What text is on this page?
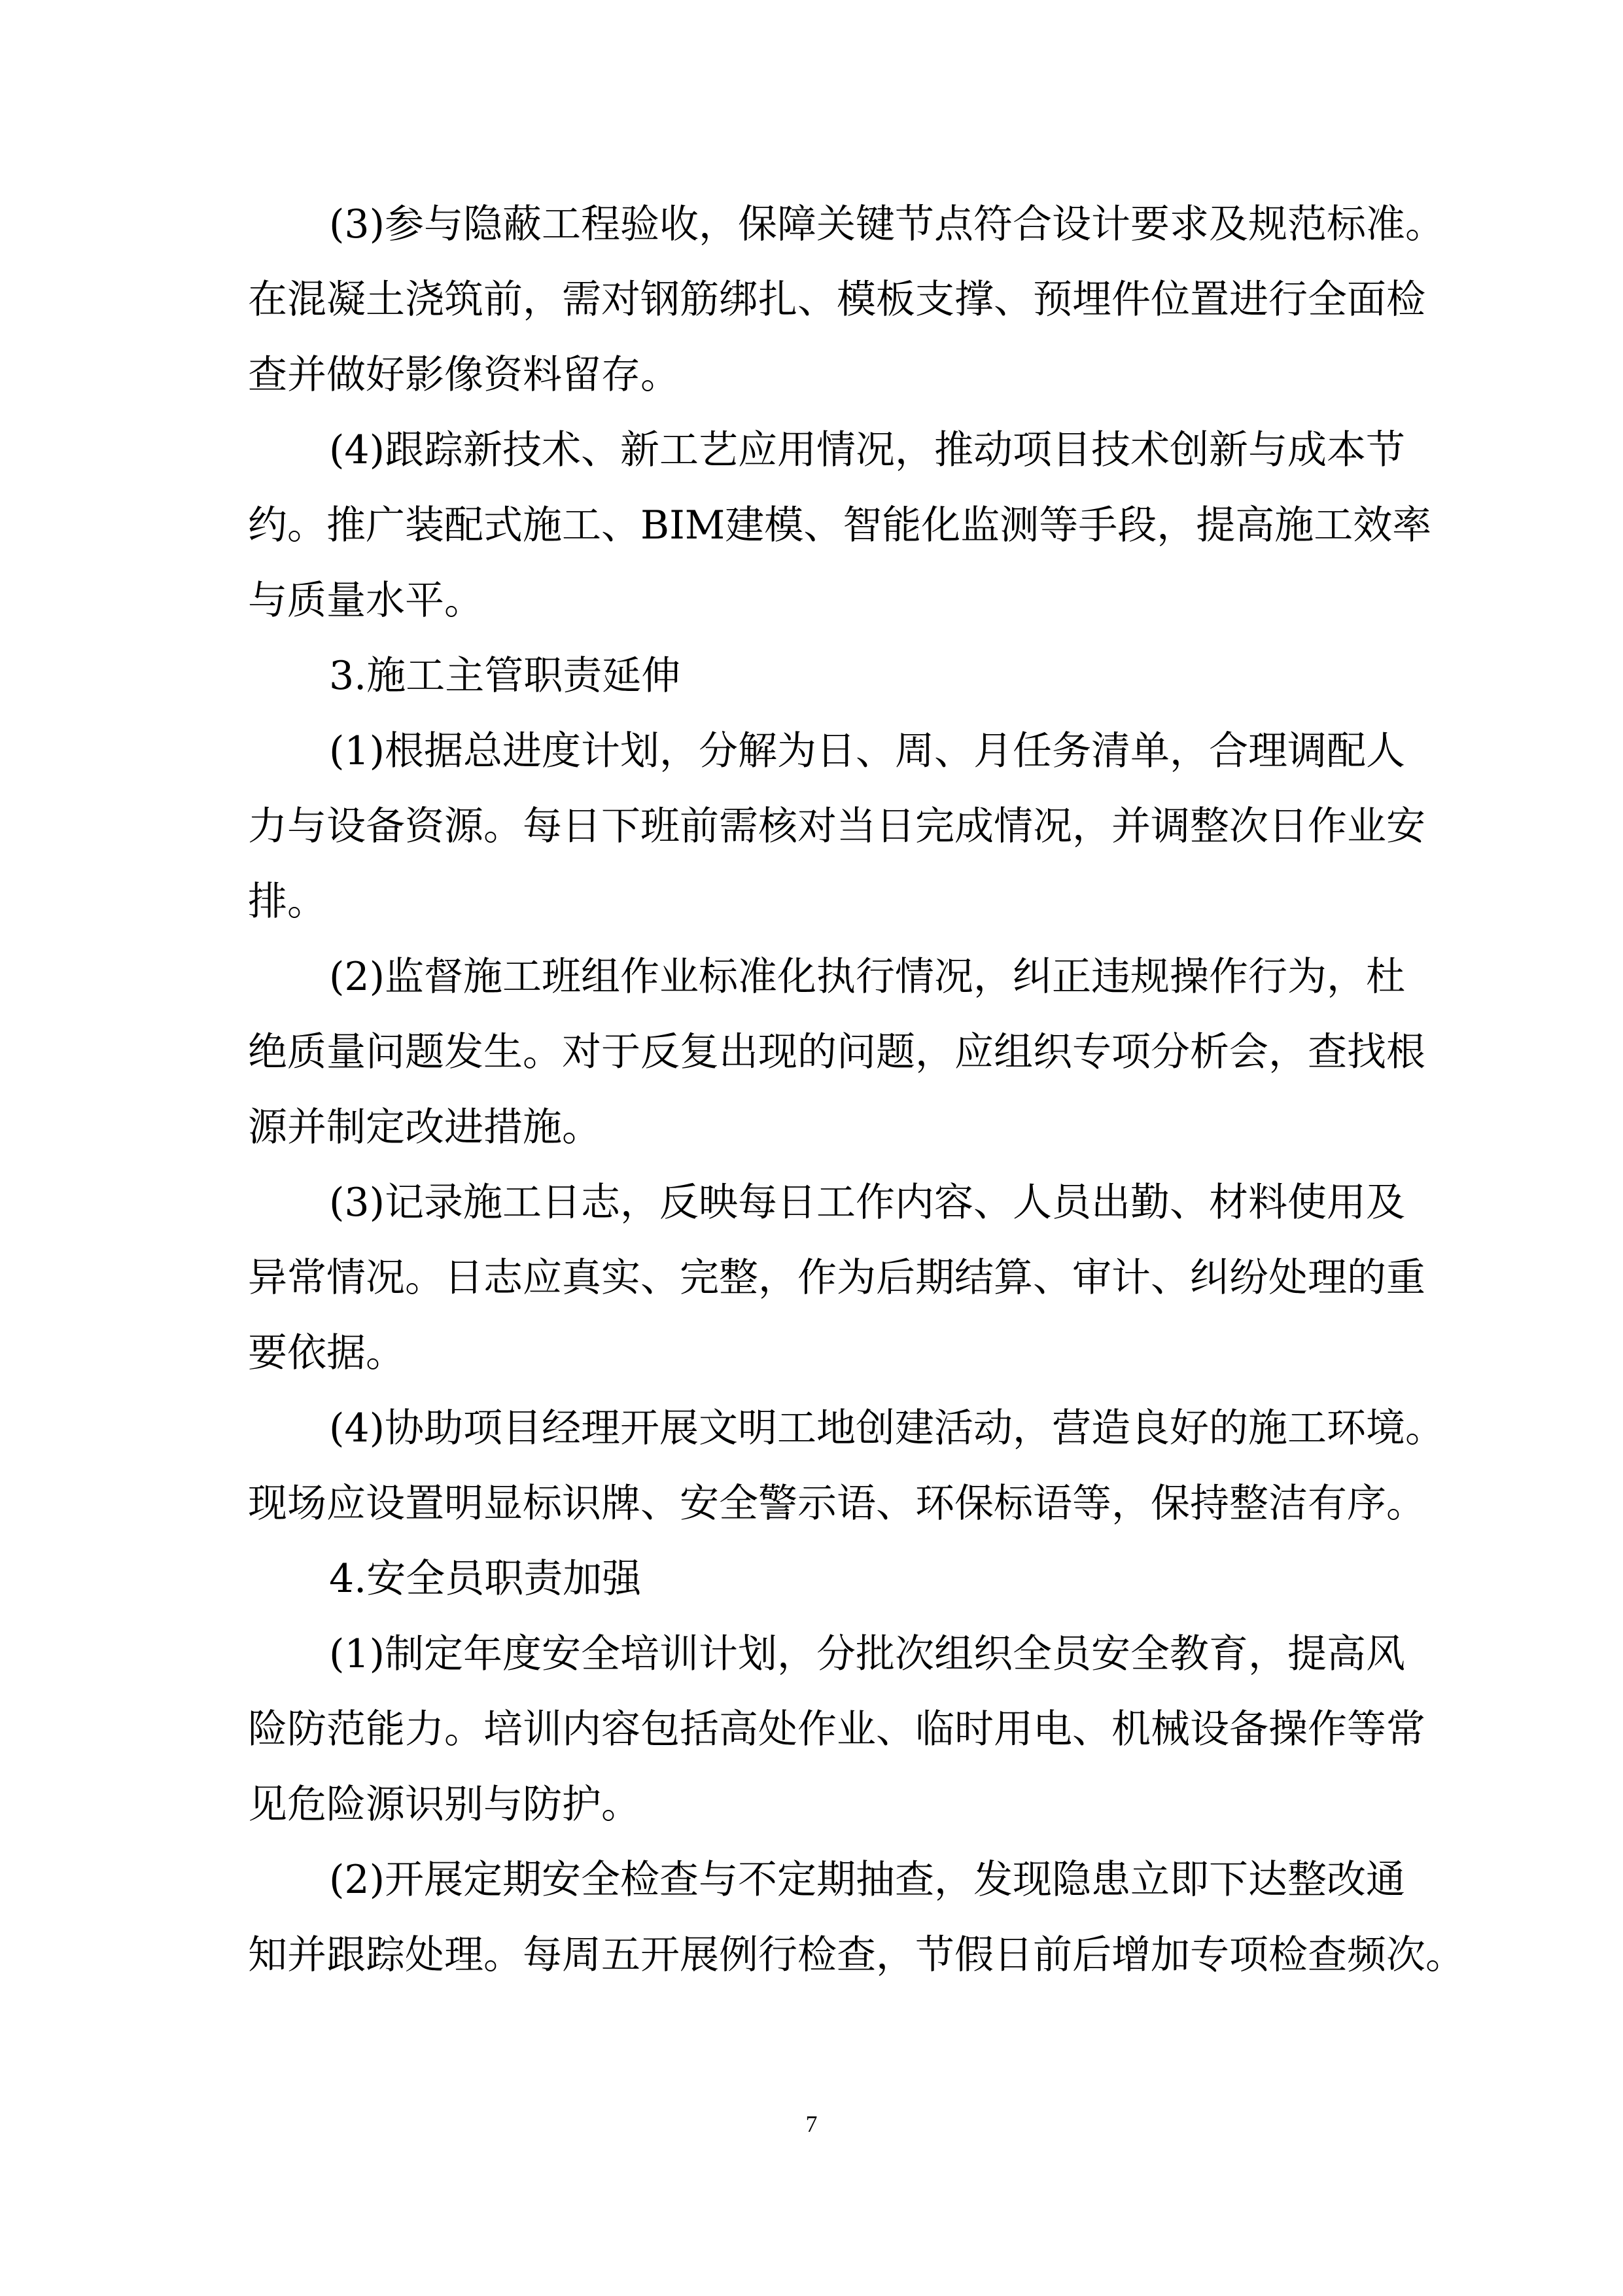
(3)参与隐蔽工程验收，保障关键节点符合设计要求及规范标准。
在混凝土浇筑前，需对钢筋绑扎、模板支撑、预埋件位置进行全面检
查并做好影像资料留存。
(4)跟踪新技术、新工艺应用情况，推动项目技术创新与成本节
约。推广装配式施工、BIM建模、智能化监测等手段，提高施工效率
与质量水平。
3.施工主管职责延伸
(1)根据总进度计划，分解为日、周、月任务清单，合理调配人
力与设备资源。每日下班前需核对当日完成情况，并调整次日作业安
排。
(2)监督施工班组作业标准化执行情况，纠正违规操作行为，杜
绝质量问题发生。对于反复出现的问题，应组织专项分析会，查找根
源并制定改进措施。
(3)记录施工日志，反映每日工作内容、人员出勤、材料使用及
异常情况。日志应真实、完整，作为后期结算、审计、纠纷处理的重
要依据。
(4)协助项目经理开展文明工地创建活动，营造良好的施工环境。
现场应设置明显标识牌、安全警示语、环保标语等，保持整洁有序。
4.安全员职责加强
(1)制定年度安全培训计划，分批次组织全员安全教育，提高风
险防范能力。培训内容包括高处作业、临时用电、机械设备操作等常
见危险源识别与防护。
(2)开展定期安全检查与不定期抽查，发现隐患立即下达整改通
知并跟踪处理。每周五开展例行检查，节假日前后增加专项检查频次。
7
